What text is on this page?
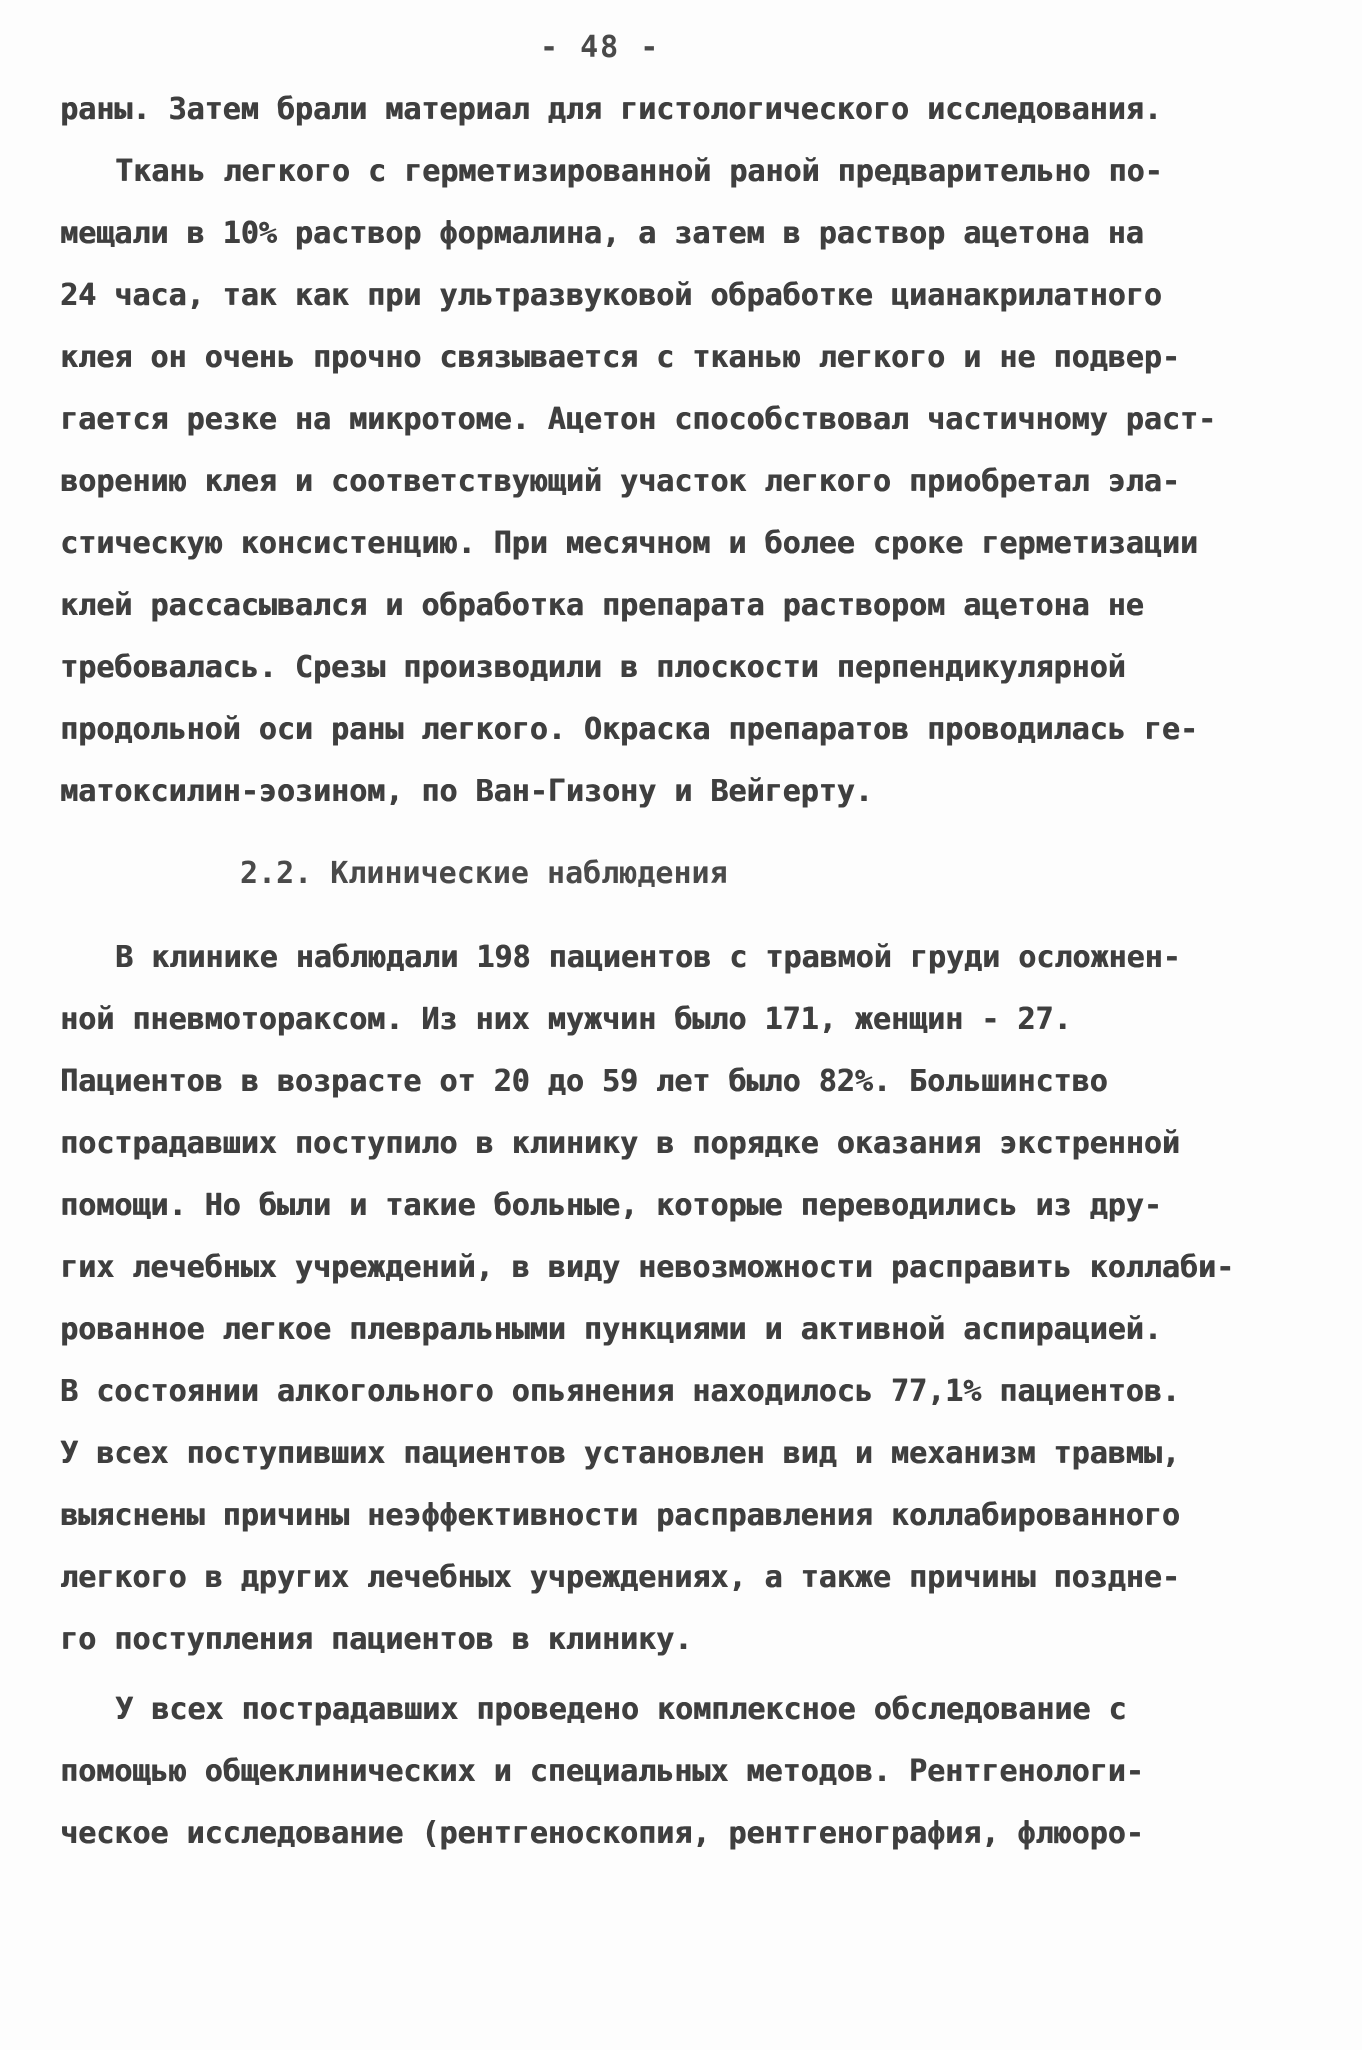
- 48 -
раны. Затем брали материал для гистологического исследования.
Ткань легкого с герметизированной раной предварительно по-
мещали в 10% раствор формалина, а затем в раствор ацетона на
24 часа, так как при ультразвуковой обработке цианакрилатного
клея он очень прочно связывается с тканью легкого и не подвер-
гается резке на микротоме. Ацетон способствовал частичному раст-
ворению клея и соответствующий участок легкого приобретал эла-
стическую консистенцию. При месячном и более сроке герметизации
клей рассасывался и обработка препарата раствором ацетона не
требовалась. Срезы производили в плоскости перпендикулярной
продольной оси раны легкого. Окраска препаратов проводилась ге-
матоксилин-эозином, по Ван-Гизону и Вейгерту.
2.2. Клинические наблюдения
В клинике наблюдали 198 пациентов с травмой груди осложнен-
ной пневмотораксом. Из них мужчин было 171, женщин - 27.
Пациентов в возрасте от 20 до 59 лет было 82%. Большинство
пострадавших поступило в клинику в порядке оказания экстренной
помощи. Но были и такие больные, которые переводились из дру-
гих лечебных учреждений, в виду невозможности расправить коллаби-
рованное легкое плевральными пункциями и активной аспирацией.
В состоянии алкогольного опьянения находилось 77,1% пациентов.
У всех поступивших пациентов установлен вид и механизм травмы,
выяснены причины неэффективности расправления коллабированного
легкого в других лечебных учреждениях, а также причины поздне-
го поступления пациентов в клинику.
У всех пострадавших проведено комплексное обследование с
помощью общеклинических и специальных методов. Рентгенологи-
ческое исследование (рентгеноскопия, рентгенография, флюоро-
